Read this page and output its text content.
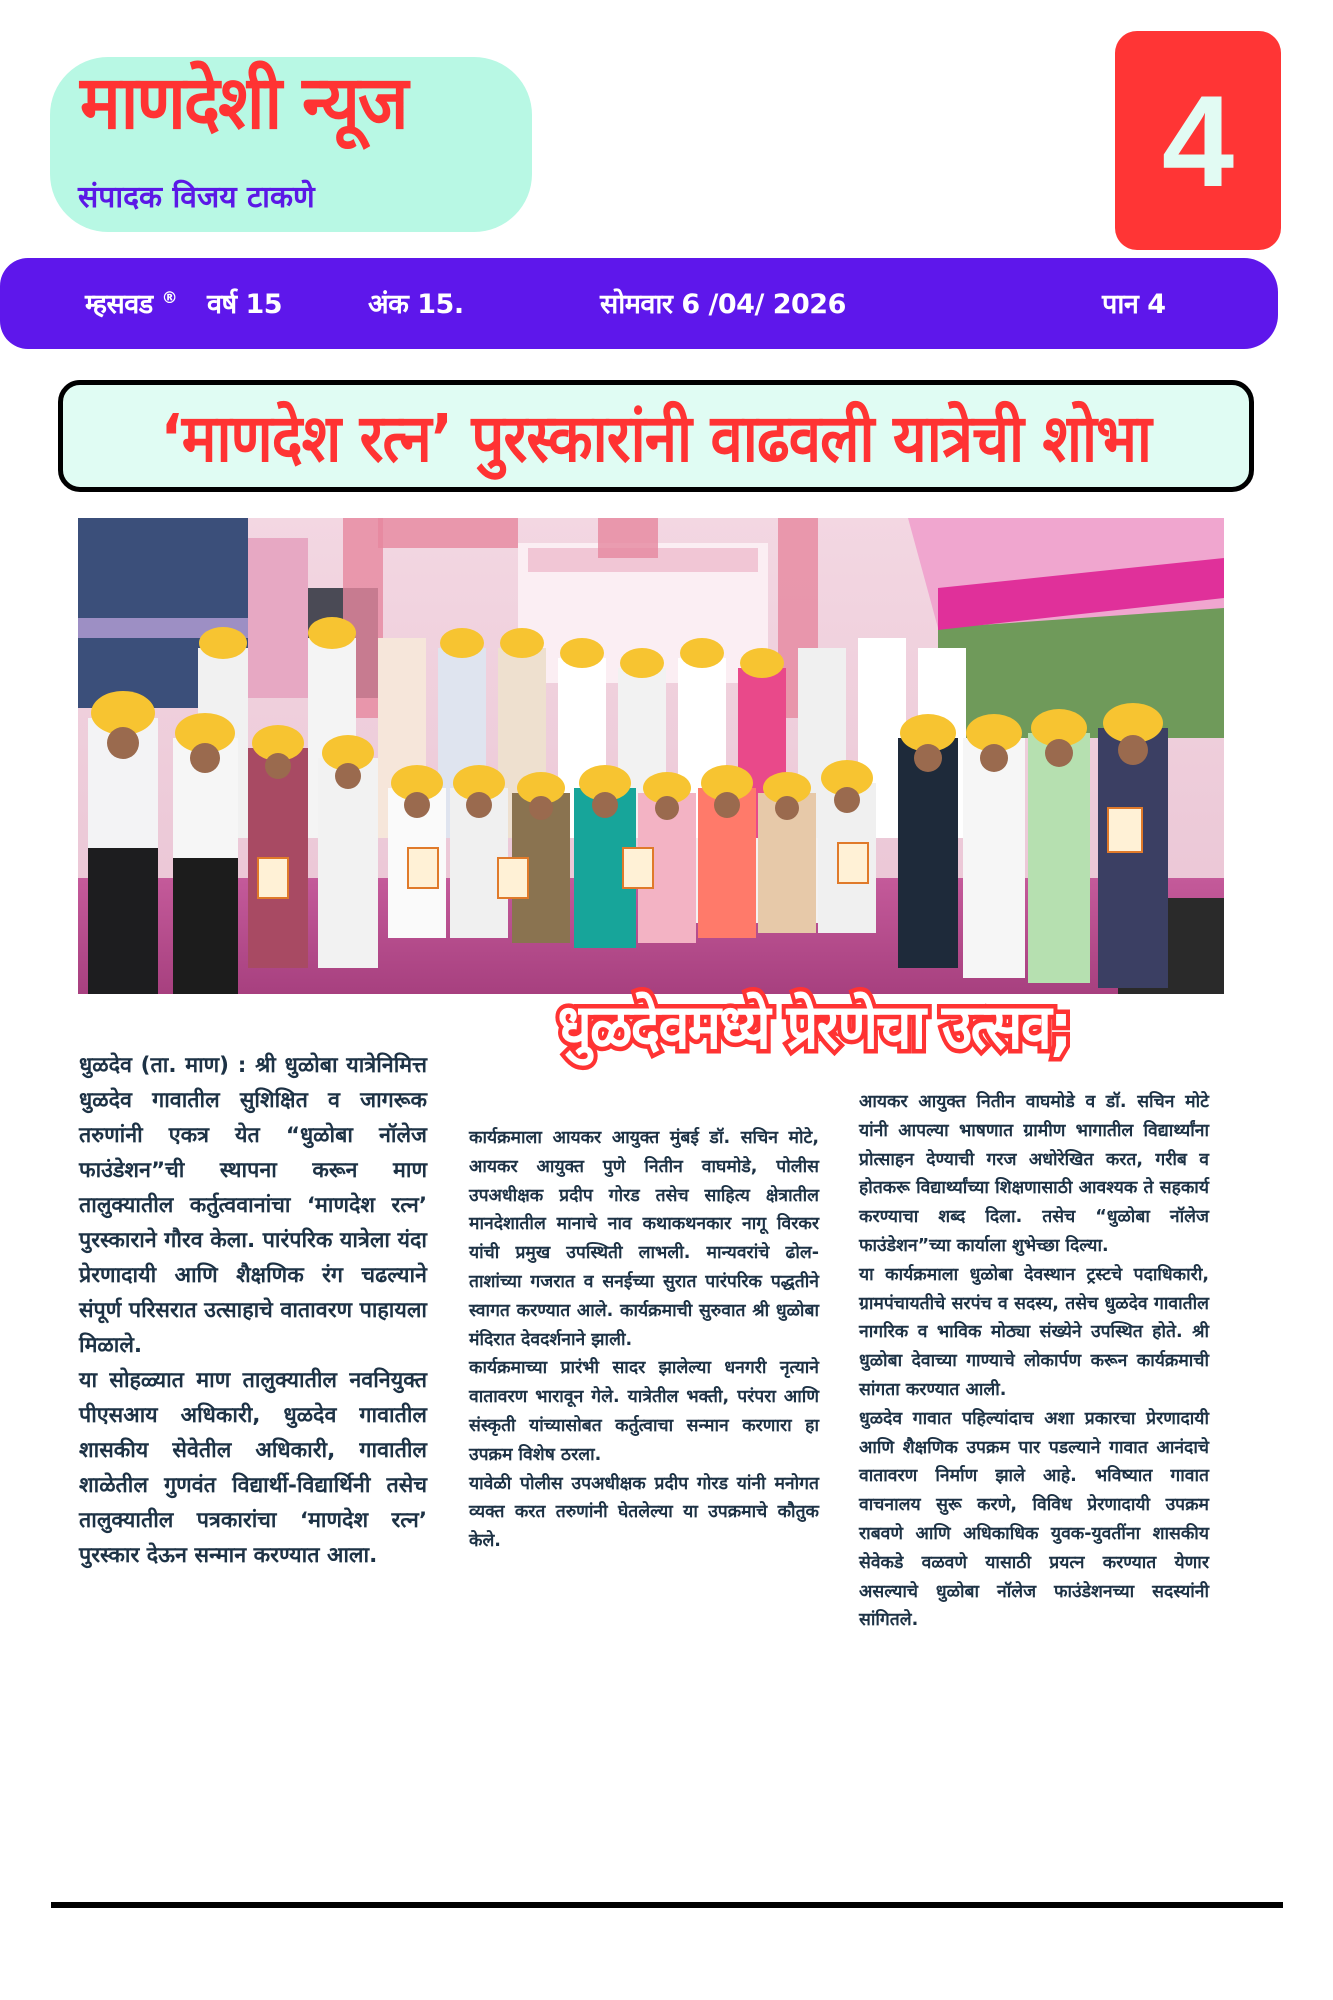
माणदेशी न्यूज
संपादक विजय टाकणे	4
म्हसवड ® वर्ष 15	अंक 15.	सोमवार 6 /04/ 2026	पान 4
‘माणदेश रत्न’ पुरस्कारांनी वाढवली यात्रेची शोभा
धुळदेवमध्ये प्रेरणेचा उत्सव;

धुळदेव (ता. माण) : श्री धुळोबा यात्रेनिमित्त धुळदेव गावातील सुशिक्षित व जागरूक तरुणांनी एकत्र येत “धुळोबा नॉलेज फाउंडेशन”ची स्थापना करून माण तालुक्यातील कर्तुत्ववानांचा ‘माणदेश रत्न’ पुरस्काराने गौरव केला. पारंपरिक यात्रेला यंदा प्रेरणादायी आणि शैक्षणिक रंग चढल्याने संपूर्ण परिसरात उत्साहाचे वातावरण पाहायला मिळाले.

या सोहळ्यात माण तालुक्यातील नवनियुक्त पीएसआय अधिकारी, धुळदेव गावातील शासकीय सेवेतील अधिकारी, गावातील शाळेतील गुणवंत विद्यार्थी-विद्यार्थिनी तसेच तालुक्यातील पत्रकारांचा ‘माणदेश रत्न’ पुरस्कार देऊन सन्मान करण्यात आला.

कार्यक्रमाला आयकर आयुक्त मुंबई डॉ. सचिन मोटे, आयकर आयुक्त पुणे नितीन वाघमोडे, पोलीस उपअधीक्षक प्रदीप गोरड तसेच साहित्य क्षेत्रातील मानदेशातील मानाचे नाव कथाकथनकार नागू विरकर यांची प्रमुख उपस्थिती लाभली. मान्यवरांचे ढोल-ताशांच्या गजरात व सनईच्या सुरात पारंपरिक पद्धतीने स्वागत करण्यात आले. कार्यक्रमाची सुरुवात श्री धुळोबा मंदिरात देवदर्शनाने झाली.

कार्यक्रमाच्या प्रारंभी सादर झालेल्या धनगरी नृत्याने वातावरण भारावून गेले. यात्रेतील भक्ती, परंपरा आणि संस्कृती यांच्यासोबत कर्तुत्वाचा सन्मान करणारा हा उपक्रम विशेष ठरला.

यावेळी पोलीस उपअधीक्षक प्रदीप गोरड यांनी मनोगत व्यक्त करत तरुणांनी घेतलेल्या या उपक्रमाचे कौतुक केले.

आयकर आयुक्त नितीन वाघमोडे व डॉ. सचिन मोटे यांनी आपल्या भाषणात ग्रामीण भागातील विद्यार्थ्यांना प्रोत्साहन देण्याची गरज अधोरेखित करत, गरीब व होतकरू विद्यार्थ्यांच्या शिक्षणासाठी आवश्यक ते सहकार्य करण्याचा शब्द दिला. तसेच “धुळोबा नॉलेज फाउंडेशन”च्या कार्याला शुभेच्छा दिल्या.

या कार्यक्रमाला धुळोबा देवस्थान ट्रस्टचे पदाधिकारी, ग्रामपंचायतीचे सरपंच व सदस्य, तसेच धुळदेव गावातील नागरिक व भाविक मोठ्या संख्येने उपस्थित होते. श्री धुळोबा देवाच्या गाण्याचे लोकार्पण करून कार्यक्रमाची सांगता करण्यात आली.

धुळदेव गावात पहिल्यांदाच अशा प्रकारचा प्रेरणादायी आणि शैक्षणिक उपक्रम पार पडल्याने गावात आनंदाचे वातावरण निर्माण झाले आहे. भविष्यात गावात वाचनालय सुरू करणे, विविध प्रेरणादायी उपक्रम राबवणे आणि अधिकाधिक युवक-युवतींना शासकीय सेवेकडे वळवणे यासाठी प्रयत्न करण्यात येणार असल्याचे धुळोबा नॉलेज फाउंडेशनच्या सदस्यांनी सांगितले.
